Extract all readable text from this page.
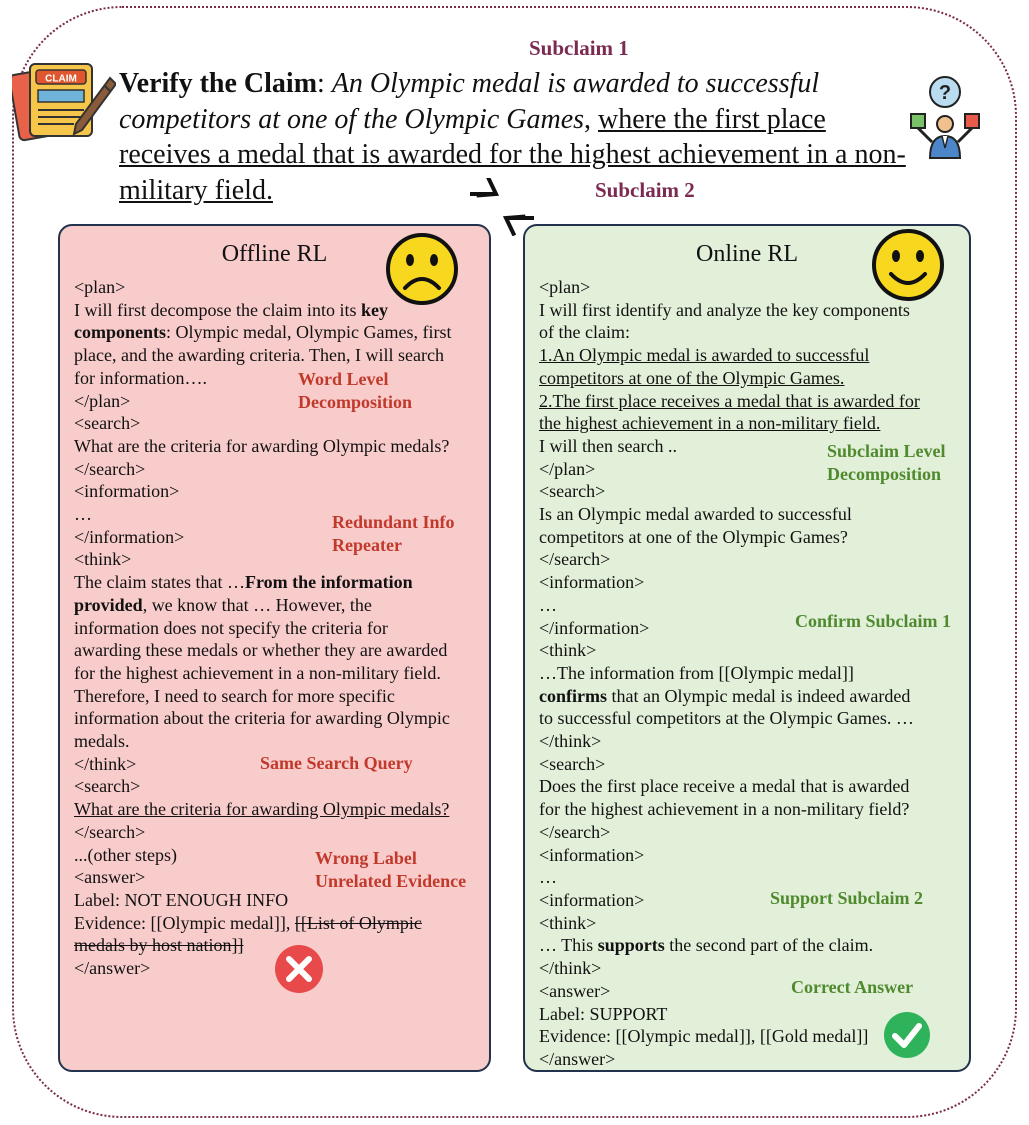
CLAIM
Subclaim 1
Subclaim 2
Verify the Claim: An Olympic medal is awarded to successful competitors at one of the Olympic Games, where the first place receives a medal that is awarded for the highest achievement in a non-military field.
?
Offline RL
<plan>
I will first decompose the claim into its key
components: Olympic medal, Olympic Games, first
place, and the awarding criteria. Then, I will search
for information….
</plan>
<search>
What are the criteria for awarding Olympic medals?
</search>
<information>
…
</information>
<think>
The claim states that …From the information
provided, we know that … However, the
information does not specify the criteria for
awarding these medals or whether they are awarded
for the highest achievement in a non-military field.
Therefore, I need to search for more specific
information about the criteria for awarding Olympic
medals.
</think>
<search>
What are the criteria for awarding Olympic medals?
</search>
...(other steps)
<answer>
Label: NOT ENOUGH INFO
Evidence: [[Olympic medal]], [[List of Olympic
medals by host nation]]
</answer>
Online RL
<plan>
I will first identify and analyze the key components
of the claim:
1.An Olympic medal is awarded to successful
competitors at one of the Olympic Games.
2.The first place receives a medal that is awarded for
the highest achievement in a non-military field.
I will then search ..
</plan>
<search>
Is an Olympic medal awarded to successful
competitors at one of the Olympic Games?
</search>
<information>
…
</information>
<think>
…The information from [[Olympic medal]]
confirms that an Olympic medal is indeed awarded
to successful competitors at the Olympic Games. …
</think>
<search>
Does the first place receive a medal that is awarded
for the highest achievement in a non-military field?
</search>
<information>
…
<information>
<think>
… This supports the second part of the claim.
</think>
<answer>
Label: SUPPORT
Evidence: [[Olympic medal]], [[Gold medal]]
</answer>
Word Level
Decomposition
Redundant Info
Repeater
Same Search Query
Wrong Label
Unrelated Evidence
Subclaim Level
Decomposition
Confirm Subclaim 1
Support Subclaim 2
Correct Answer
